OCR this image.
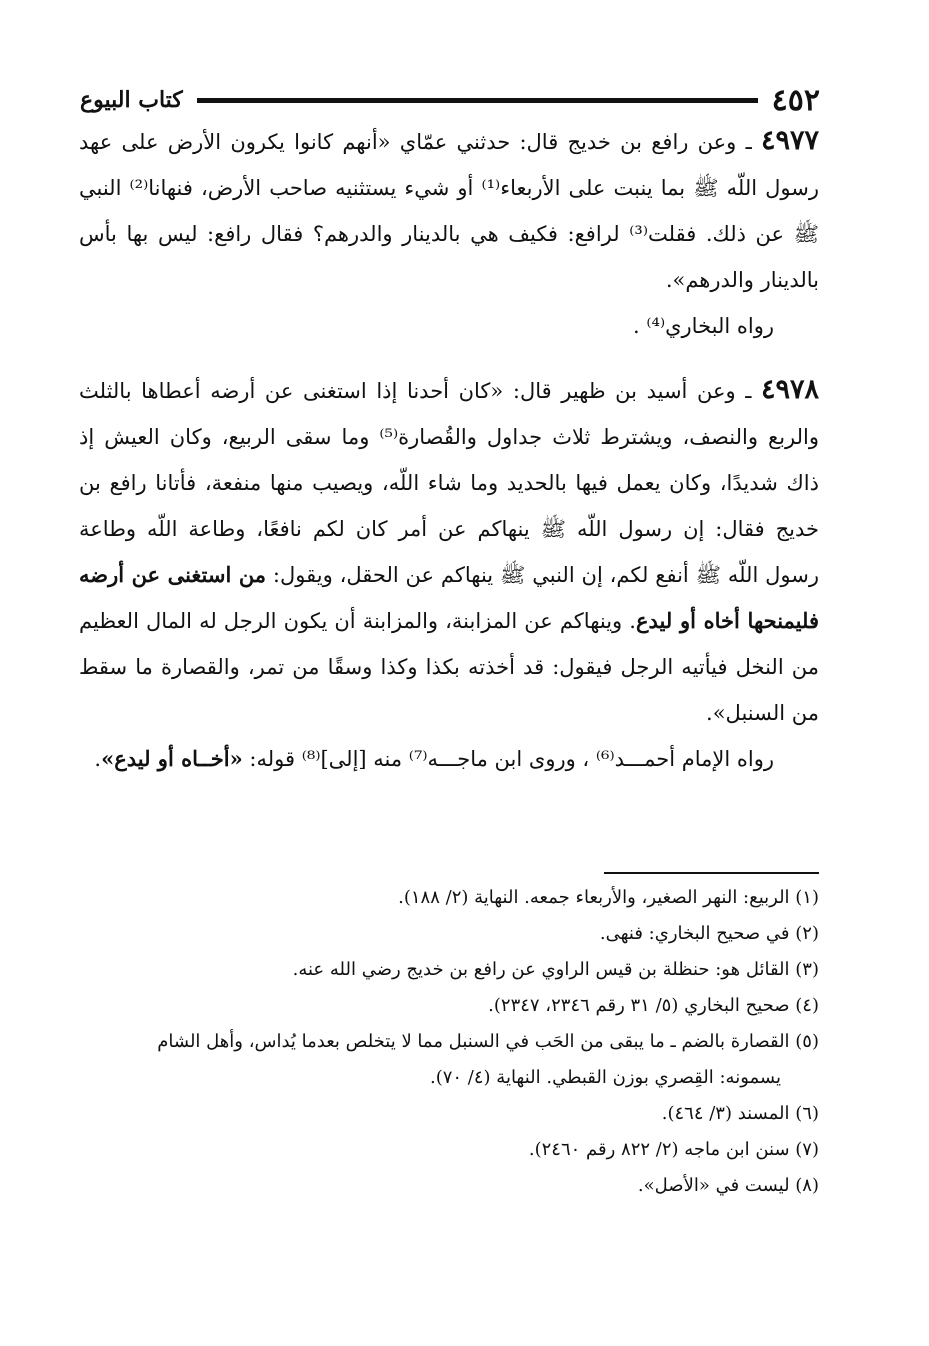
٤٥٢
كتاب البيوع

٤٩٧٧ ـ وعن رافع بن خديج قال: حدثني عمّاي «أنهم كانوا يكرون الأرض على عهد رسول اللّه ﷺ بما ينبت على الأربعاء⁽¹⁾ أو شيء يستثنيه صاحب الأرض، فنهانا⁽²⁾ النبي ﷺ عن ذلك. فقلت⁽³⁾ لرافع: فكيف هي بالدينار والدرهم؟ فقال رافع: ليس بها بأس بالدينار والدرهم».

رواه البخاري⁽⁴⁾ .

٤٩٧٨ ـ وعن أسيد بن ظهير قال: «كان أحدنا إذا استغنى عن أرضه أعطاها بالثلث والربع والنصف، ويشترط ثلاث جداول والقُصارة⁽⁵⁾ وما سقى الربيع، وكان العيش إذ ذاك شديدًا، وكان يعمل فيها بالحديد وما شاء اللّه، ويصيب منها منفعة، فأتانا رافع بن خديج فقال: إن رسول اللّه ﷺ ينهاكم عن أمر كان لكم نافعًا، وطاعة اللّه وطاعة رسول اللّه ﷺ أنفع لكم، إن النبي ﷺ ينهاكم عن الحقل، ويقول: من استغنى عن أرضه فليمنحها أخاه أو ليدع. وينهاكم عن المزابنة، والمزابنة أن يكون الرجل له المال العظيم من النخل فيأتيه الرجل فيقول: قد أخذته بكذا وكذا وسقًا من تمر، والقصارة ما سقط من السنبل».

رواه الإمام أحمـــد⁽⁶⁾ ، وروى ابن ماجـــه⁽⁷⁾ منه [إلى]⁽⁸⁾ قوله: «أخــاه أو ليدع».

(١) الربيع: النهر الصغير، والأربعاء جمعه. النهاية (٢/ ١٨٨).

(٢) في صحيح البخاري: فنهى.

(٣) القائل هو: حنظلة بن قيس الراوي عن رافع بن خديج رضي الله عنه.

(٤) صحيح البخاري (٥/ ٣١ رقم ٢٣٤٦، ٢٣٤٧).

(٥) القصارة بالضم ـ ما يبقى من الحَب في السنبل مما لا يتخلص بعدما يُداس، وأهل الشام

يسمونه: القِصري بوزن القبطي. النهاية (٤/ ٧٠).

(٦) المسند (٣/ ٤٦٤).

(٧) سنن ابن ماجه (٢/ ٨٢٢ رقم ٢٤٦٠).

(٨) ليست في «الأصل».
